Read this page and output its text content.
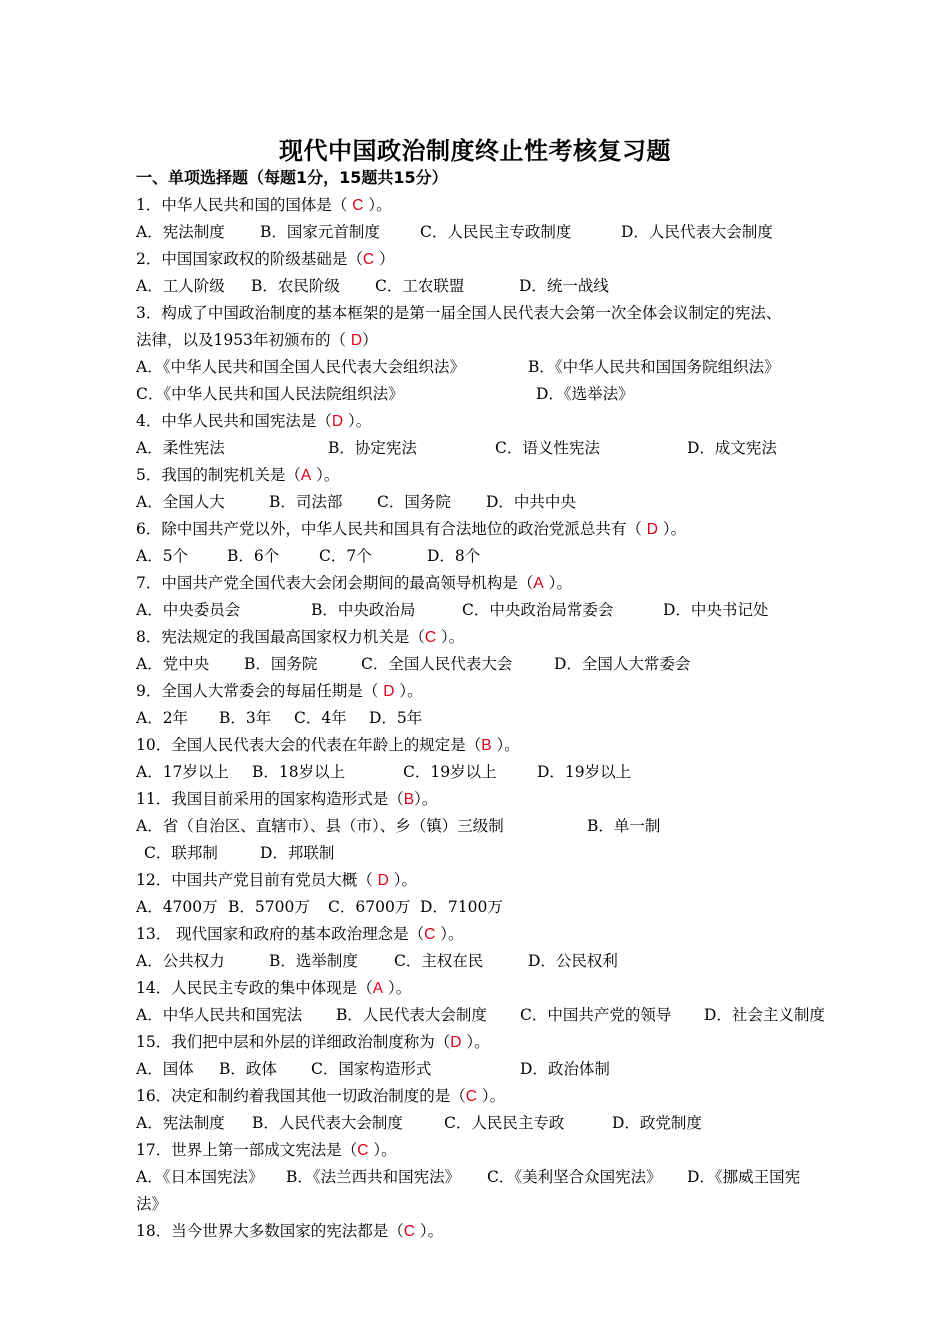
现代中国政治制度终止性考核复习题
一、单项选择题（每题1分，15题共15分）
1．中华人民共和国的国体是（ C ）。
A．宪法制度 B．国家元首制度	C．人民民主专政制度	D．人民代表大会制度
2．中国国家政权的阶级基础是（C ）
A．工人阶级 B．农民阶级 C．工农联盟	D．统一战线
3．构成了中国政治制度的基本框架的是第一届全国人民代表大会第一次全体会议制定的宪法、
法律，以及1953年初颁布的（ D）
A．《中华人民共和国全国人民代表大会组织法》	B．《中华人民共和国国务院组织法》
C．《中华人民共和国人民法院组织法》	D．《选举法》
4．中华人民共和国宪法是（D ）。
A．柔性宪法	B．协定宪法	C．语义性宪法	D．成文宪法
5．我国的制宪机关是（A ）。
A．全国人大	B．司法部 C．国务院 D．中共中央
6．除中国共产党以外，中华人民共和国具有合法地位的政治党派总共有（ D ）。
A．5个	B．6个	C．7个	D．8个
7．中国共产党全国代表大会闭会期间的最高领导机构是（A ）。
A．中央委员会	B．中央政治局	C．中央政治局常委会	D．中央书记处
8．宪法规定的我国最高国家权力机关是（C ）。
A．党中央 B．国务院	C．全国人民代表大会	D．全国人大常委会
9．全国人大常委会的每届任期是（ D ）。
A．2年 B．3年 C．4年 D．5年
10．全国人民代表大会的代表在年龄上的规定是（B ）。
A．17岁以上 B．18岁以上	C．19岁以上	D．19岁以上
11．我国目前采用的国家构造形式是（B）。
A．省（自治区、直辖市）、县（市）、乡（镇）三级制	B．单一制
C．联邦制	D．邦联制
12．中国共产党目前有党员大概（ D ）。
A．4700万 B．5700万 C．6700万 D．7100万
13． 现代国家和政府的基本政治理念是（C ）。
A．公共权力	B．选举制度 C．主权在民	D．公民权利
14．人民民主专政的集中体现是（A ）。
A．中华人民共和国宪法 B．人民代表大会制度 C．中国共产党的领导 D．社会主义制度
15．我们把中层和外层的详细政治制度称为（D ）。
A．国体 B．政体 C．国家构造形式	D．政治体制
16．决定和制约着我国其他一切政治制度的是（C ）。
A．宪法制度 B．人民代表大会制度	C．人民民主专政	D．政党制度
17．世界上第一部成文宪法是（C ）。
A．《日本国宪法》 B．《法兰西共和国宪法》 C．《美利坚合众国宪法》 D．《挪威王国宪
法》
18．当今世界大多数国家的宪法都是（C ）。
